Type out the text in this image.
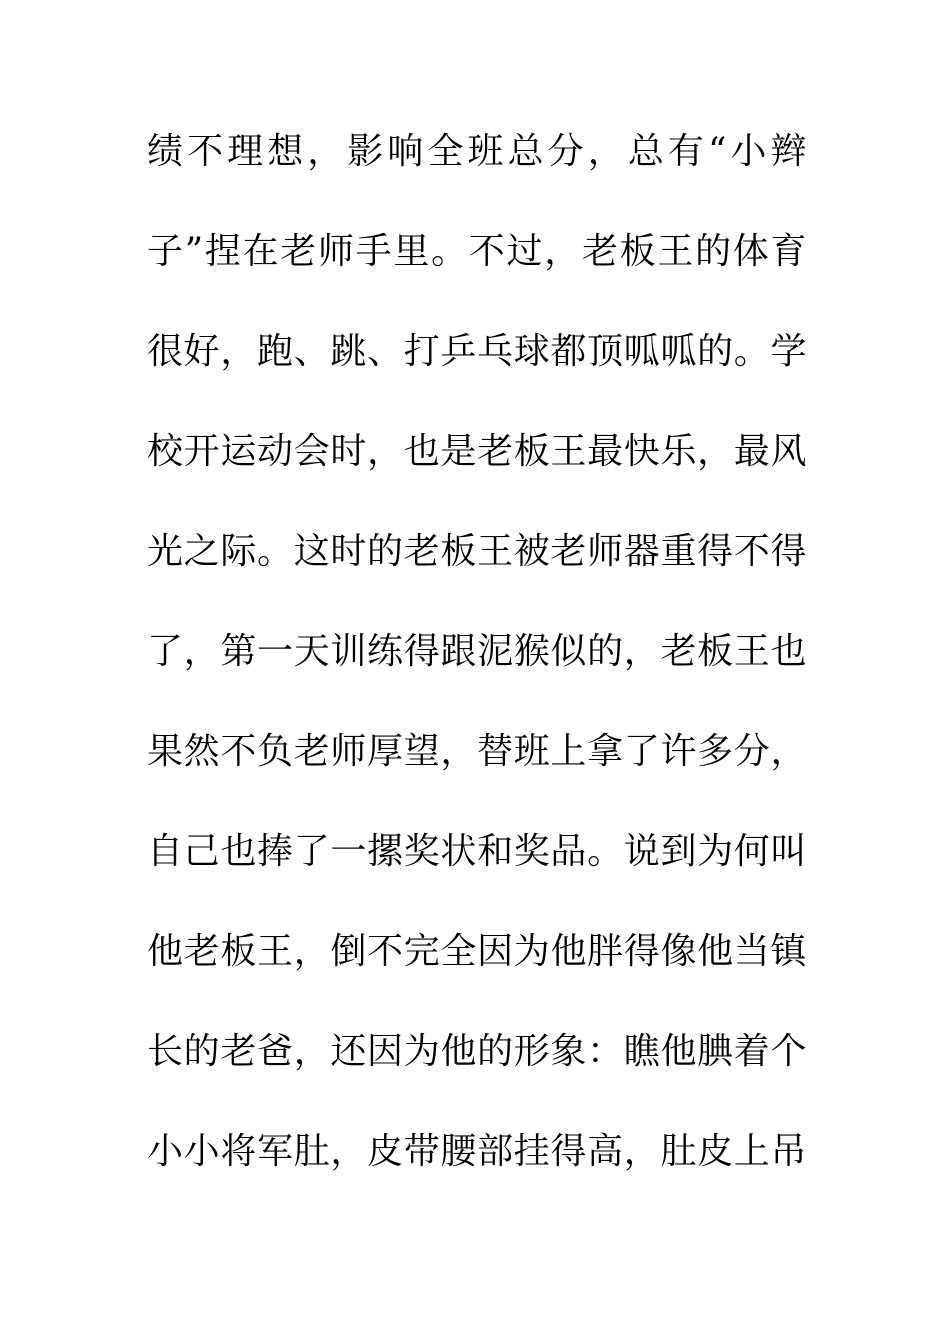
绩不理想，影响全班总分，总有“小辫
子”捏在老师手里。不过，老板王的体育
很好，跑、跳、打乒乓球都顶呱呱的。学
校开运动会时，也是老板王最快乐，最风
光之际。这时的老板王被老师器重得不得
了，第一天训练得跟泥猴似的，老板王也
果然不负老师厚望，替班上拿了许多分，
自己也捧了一摞奖状和奖品。说到为何叫
他老板王，倒不完全因为他胖得像他当镇
长的老爸，还因为他的形象：瞧他腆着个
小小将军肚，皮带腰部挂得高，肚皮上吊
